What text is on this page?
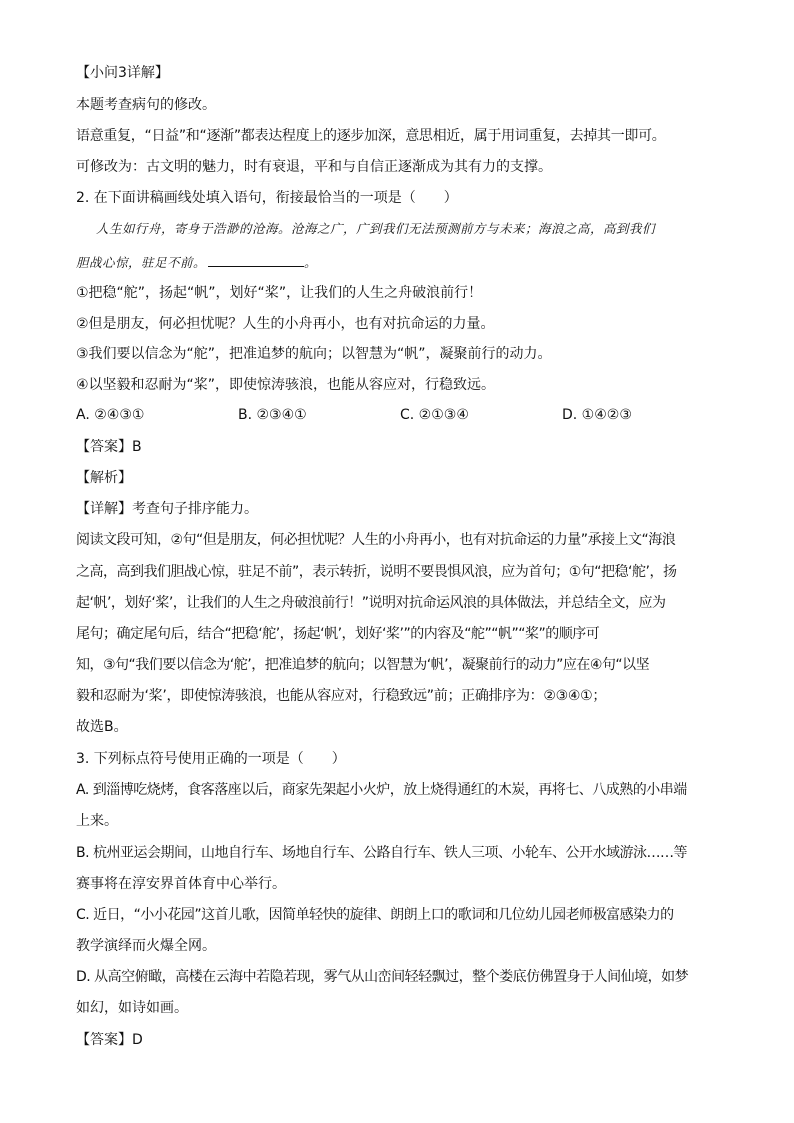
【小问3详解】
本题考查病句的修改。
语意重复，“日益”和“逐渐”都表达程度上的逐步加深，意思相近，属于用词重复，去掉其一即可。
可修改为：古文明的魅力，时有衰退，平和与自信正逐渐成为其有力的支撑。
2. 在下面讲稿画线处填入语句，衔接最恰当的一项是（　　）
人生如行舟，寄身于浩渺的沧海。沧海之广，广到我们无法预测前方与未来；海浪之高，高到我们
胆战心惊，驻足不前。	。
①把稳“舵”，扬起“帆”，划好“桨”，让我们的人生之舟破浪前行！
②但是朋友，何必担忧呢？人生的小舟再小，也有对抗命运的力量。
③我们要以信念为“舵”，把准追梦的航向；以智慧为“帆”，凝聚前行的动力。
④以坚毅和忍耐为“桨”，即使惊涛骇浪，也能从容应对，行稳致远。
A. ②④③①	B. ②③④①	C. ②①③④	D. ①④②③
【答案】B
【解析】
【详解】考查句子排序能力。
阅读文段可知，②句“但是朋友，何必担忧呢？人生的小舟再小，也有对抗命运的力量”承接上文“海浪
之高，高到我们胆战心惊，驻足不前”，表示转折，说明不要畏惧风浪，应为首句；①句“把稳‘舵’，扬
起‘帆’，划好‘桨’，让我们的人生之舟破浪前行！”说明对抗命运风浪的具体做法，并总结全文，应为
尾句；确定尾句后，结合“把稳‘舵’，扬起‘帆’，划好‘桨’”的内容及“舵”“帆”“桨”的顺序可
知，③句“我们要以信念为‘舵’，把准追梦的航向；以智慧为‘帆’，凝聚前行的动力”应在④句“以坚
毅和忍耐为‘桨’，即使惊涛骇浪，也能从容应对，行稳致远”前；正确排序为：②③④①；
故选B。
3. 下列标点符号使用正确的一项是（　　）
A. 到淄博吃烧烤，食客落座以后，商家先架起小火炉，放上烧得通红的木炭，再将七、八成熟的小串端
上来。
B. 杭州亚运会期间，山地自行车、场地自行车、公路自行车、铁人三项、小轮车、公开水域游泳……等
赛事将在淳安界首体育中心举行。
C. 近日，“小小花园”这首儿歌，因简单轻快的旋律、朗朗上口的歌词和几位幼儿园老师极富感染力的
教学演绎而火爆全网。
D. 从高空俯瞰，高楼在云海中若隐若现，雾气从山峦间轻轻飘过，整个娄底仿佛置身于人间仙境，如梦
如幻，如诗如画。
【答案】D
